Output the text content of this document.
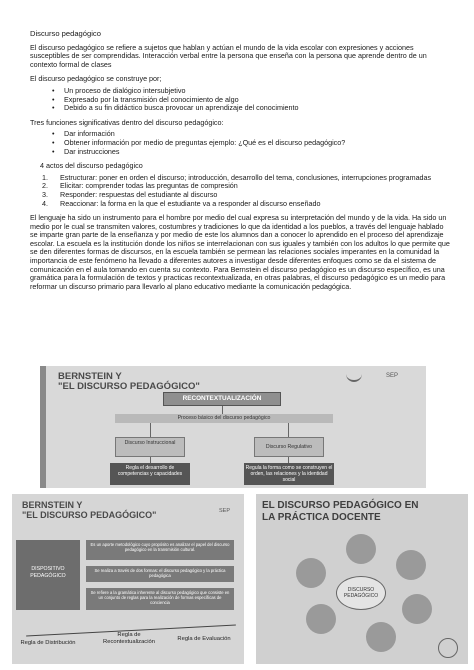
Discurso pedagógico

El discurso pedagógico se refiere a sujetos que hablan y actúan el mundo de la vida escolar con expresiones y acciones susceptibles de ser comprendidas. Interacción verbal entre la persona que enseña con la persona que aprende dentro de un contexto formal de clases

El discurso pedagógico se construye por;

• Un proceso de dialógico intersubjetivo
• Expresado por la transmisión del conocimiento de algo
• Debido a su fin didáctico busca provocar un aprendizaje del conocimiento

Tres funciones significativas dentro del discurso pedagógico:

• Dar información
• Obtener información por medio de preguntas ejemplo: ¿Qué es el discurso pedagógico?
• Dar instrucciones

4 actos del discurso pedagógico

1. Estructurar: poner en orden el discurso; introducción, desarrollo del tema, conclusiones, interrupciones programadas
2. Elicitar: comprender todas las preguntas de compresión
3. Responder: respuestas del estudiante al discurso
4. Reaccionar: la forma en la que el estudiante va a responder al discurso enseñado

El lenguaje ha sido un instrumento para el hombre por medio del cual expresa su interpretación del mundo y de la vida. Ha sido un medio por le cual se transmiten valores, costumbres y tradiciones lo que da identidad a los pueblos, a través del lenguaje hablado se imparte gran parte de la enseñanza y por medio de este los alumnos dan a conocer lo aprendido en el proceso del aprendizaje escolar. La escuela es la institución donde los niños se interrelacionan con sus iguales y también con los adultos lo que permite que se den diferentes formas de discursos, en la escuela también se permean las relaciones sociales imperantes en la comunidad la importancia de este fenómeno ha llevado a diferentes autores a investigar desde diferentes enfoques como se da el sistema de comunicación en el aula tomando en cuenta su contexto. Para Bernstein el discurso pedagógico es un discurso específico, es una gramática para la formulación de textos y practicas recontextualizada, en otras palabras, el discurso pedagógico es un medio para reformar un discurso primario para llevarlo al plano educativo mediante la comunicación pedagógica.

BERNSTEIN Y
"EL DISCURSO PEDAGÓGICO"
SEP
RECONTEXTUALIZACIÓN
Proceso básico del discurso pedagógico
Discurso Instruccional
Discurso Regulativo
Regla el desarrollo de competencias y capacidades
Regula la forma como se construyen el orden, las relaciones y la identidad social
BERNSTEIN Y
"EL DISCURSO PEDAGÓGICO"	SEP
DISPOSITIVO PEDAGÓGICO
Es un aporte metodológico cuyo propósito es analizar el papel del discurso pedagógico en la transmisión cultural.
Se realiza a través de dos formas: el discurso pedagógico y la práctica pedagógica
Se refiere a la gramática inherente al discurso pedagógico que consiste en un conjunto de reglas para la realización de formas específicas de conciencia
Regla de Distribución
Regla de Recontextualización	Regla de Evaluación
EL DISCURSO PEDAGÓGICO EN
LA PRÁCTICA DOCENTE
DISCURSO PEDAGÓGICO
